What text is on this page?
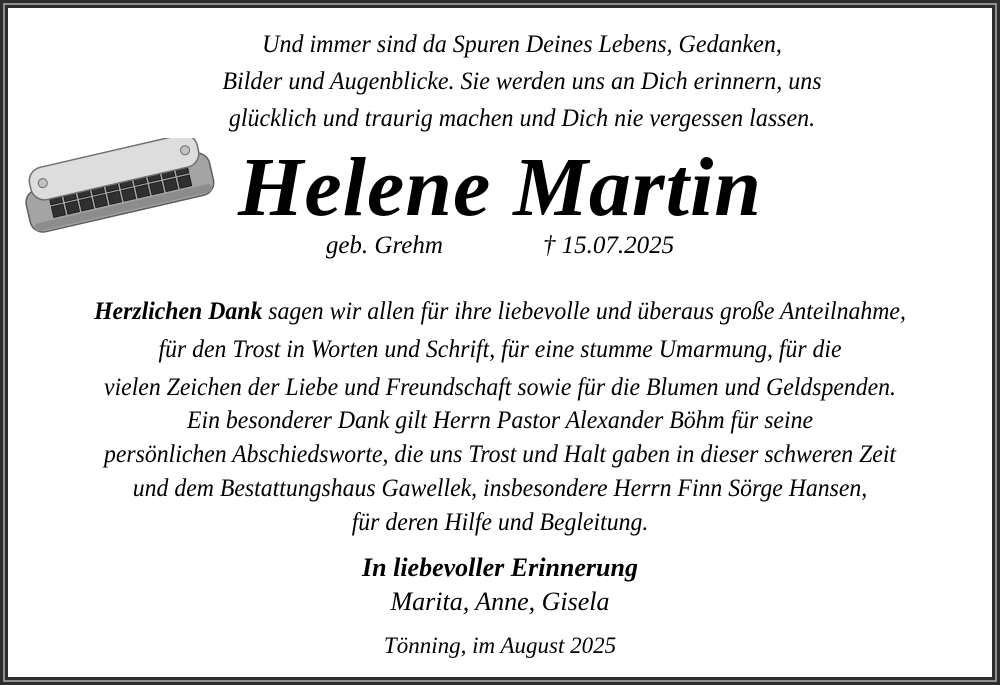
Und immer sind da Spuren Deines Lebens, Gedanken,
Bilder und Augenblicke. Sie werden uns an Dich erinnern, uns
glücklich und traurig machen und Dich nie vergessen lassen.
Helene Martin
geb. Grehm	† 15.07.2025
Herzlichen Dank sagen wir allen für ihre liebevolle und überaus große Anteilnahme,
für den Trost in Worten und Schrift, für eine stumme Umarmung, für die
vielen Zeichen der Liebe und Freundschaft sowie für die Blumen und Geldspenden.
Ein besonderer Dank gilt Herrn Pastor Alexander Böhm für seine
persönlichen Abschiedsworte, die uns Trost und Halt gaben in dieser schweren Zeit
und dem Bestattungshaus Gawellek, insbesondere Herrn Finn Sörge Hansen,
für deren Hilfe und Begleitung.
In liebevoller Erinnerung
Marita, Anne, Gisela
Tönning, im August 2025
